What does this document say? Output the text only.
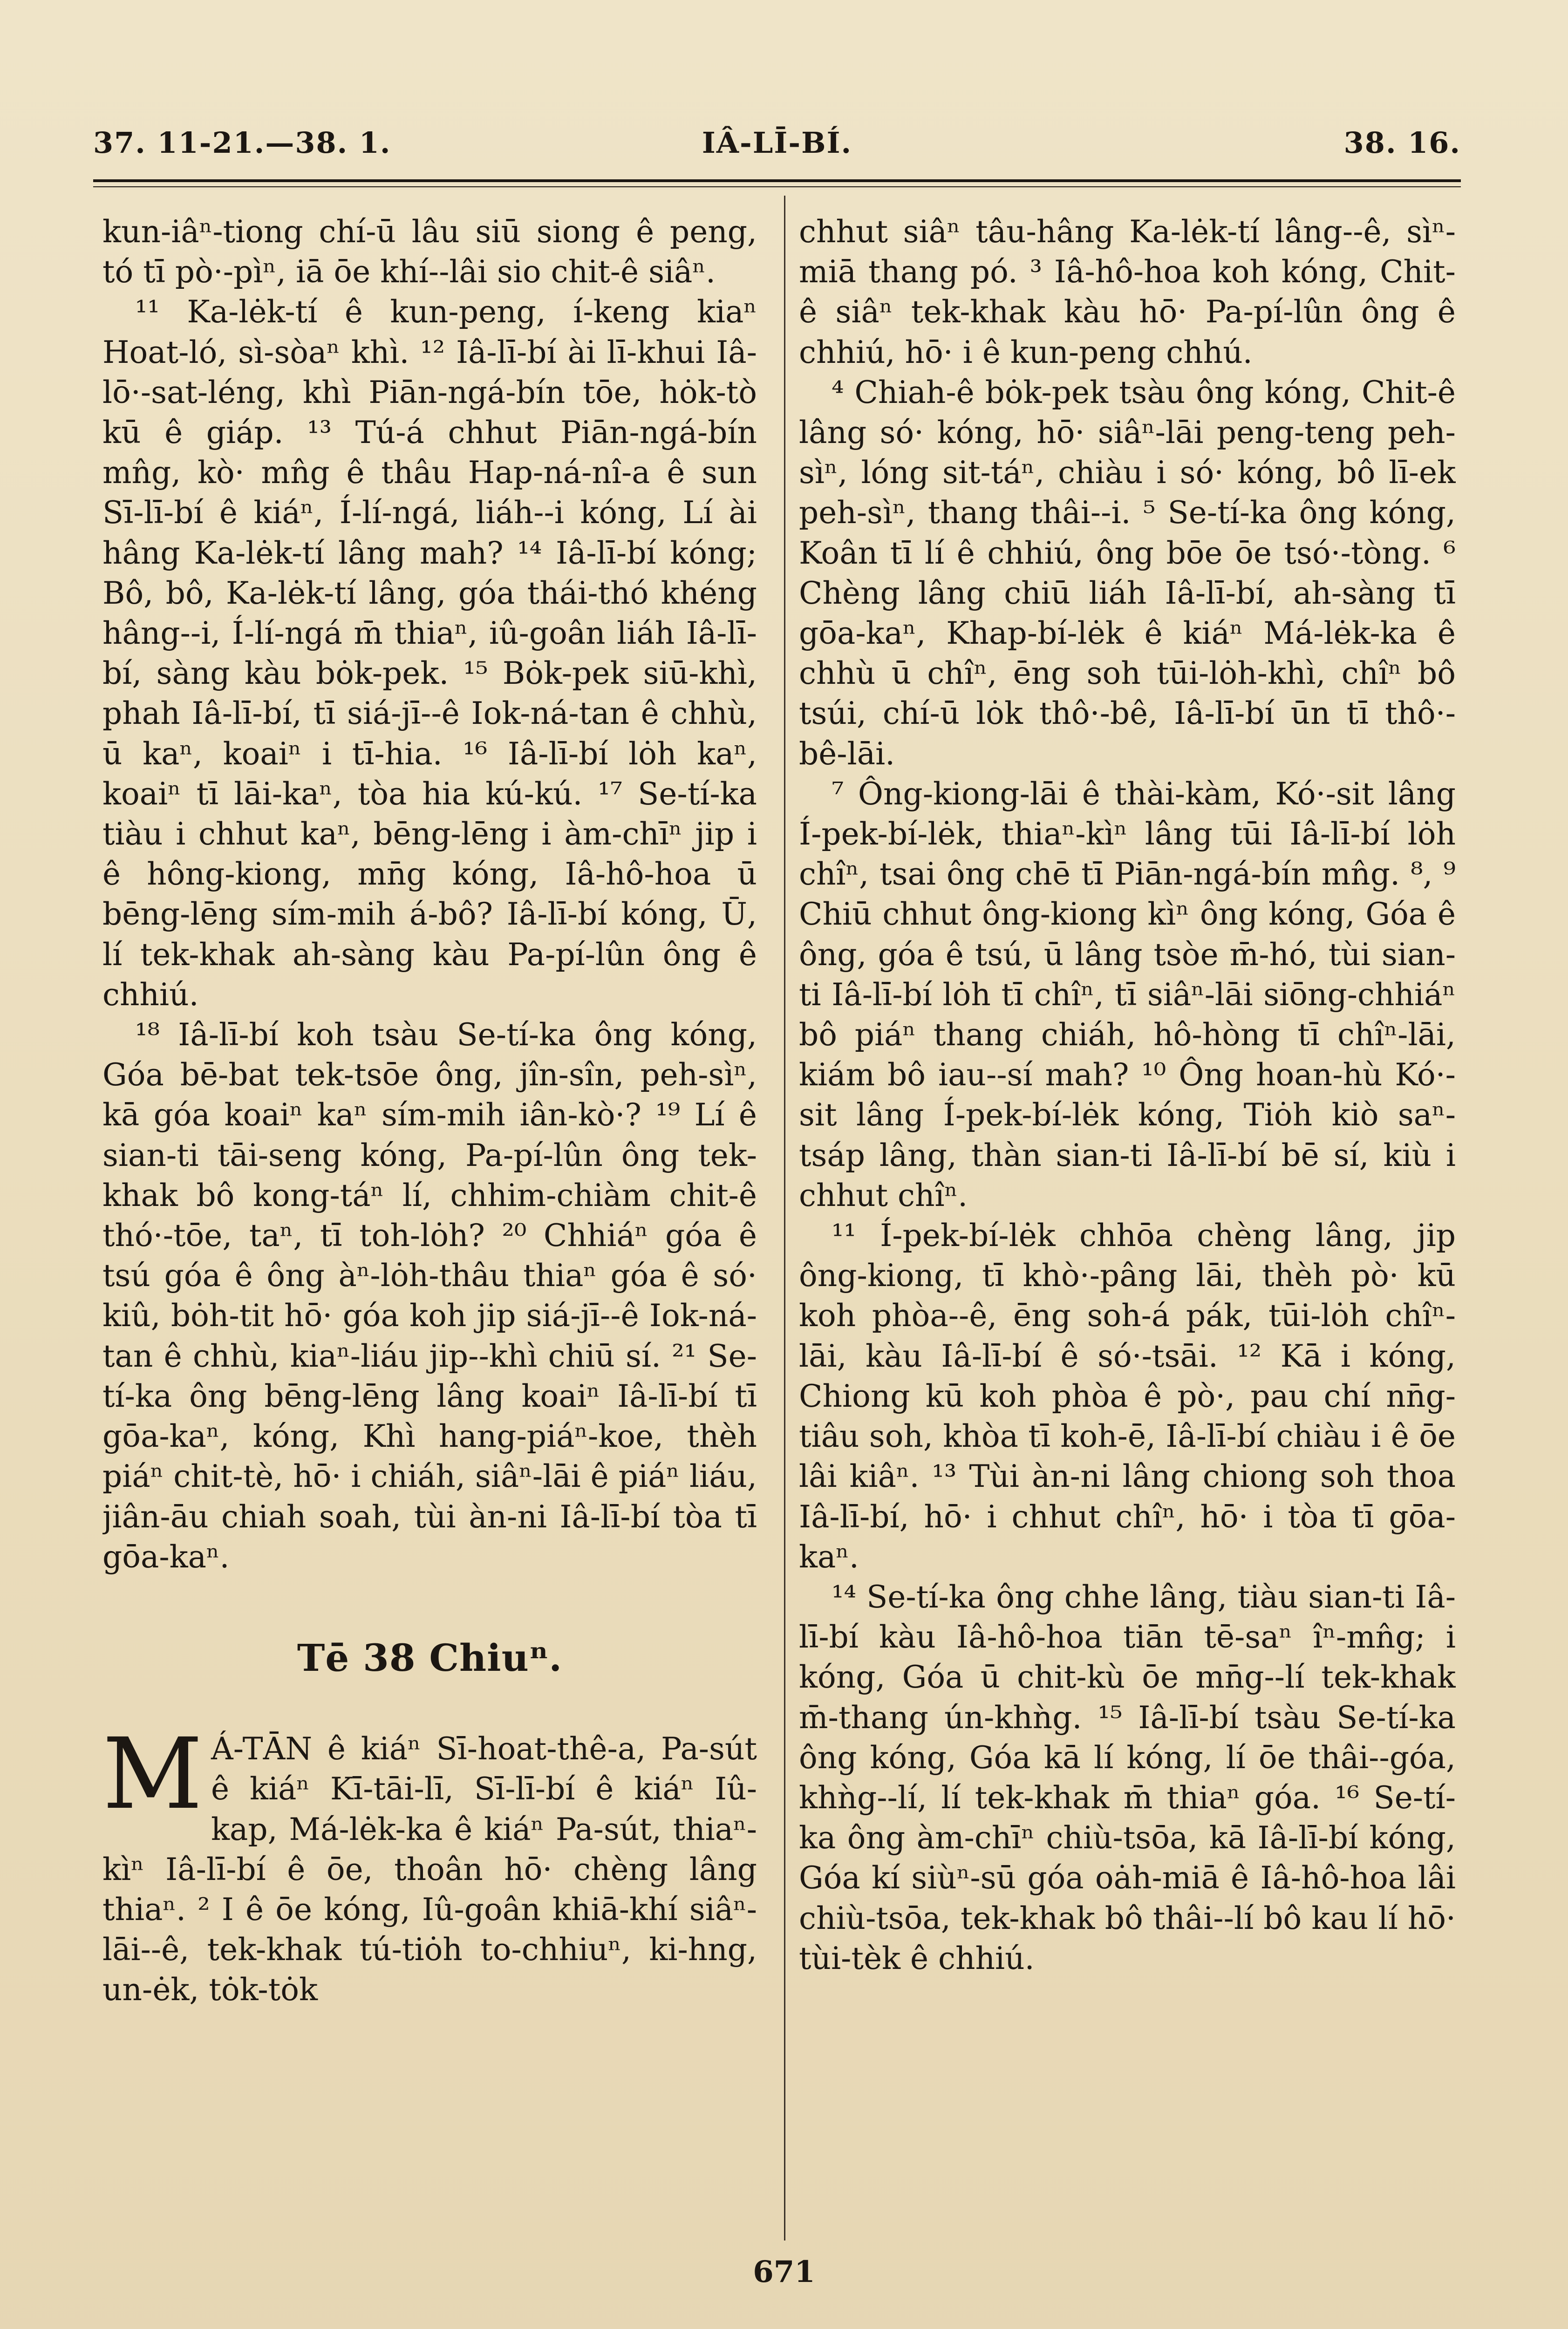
37. 11-21.—38. 1.	IÂ-LĪ-BÍ.	38. 16.

kun-iâⁿ-tiong chí-ū lâu siū siong ê peng, tó tī pò·-pìⁿ, iā ōe khí--lâi sio chit-ê siâⁿ.

¹¹ Ka-lėk-tí ê kun-peng, í-keng kiaⁿ Hoat-ló, sì-sòaⁿ khì. ¹² Iâ-lī-bí ài lī-khui Iâ-lō·-sat-léng, khì Piān-ngá-bín tōe, hȯk-tò kū ê giáp. ¹³ Tú-á chhut Piān-ngá-bín mn̂g, kò· mn̂g ê thâu Hap-ná-nî-a ê sun Sī-lī-bí ê kiáⁿ, Í-lí-ngá, liáh--i kóng, Lí ài hâng Ka-lėk-tí lâng mah? ¹⁴ Iâ-lī-bí kóng; Bô, bô, Ka-lėk-tí lâng, góa thái-thó khéng hâng--i, Í-lí-ngá m̄ thiaⁿ, iû-goân liáh Iâ-lī-bí, sàng kàu bȯk-pek. ¹⁵ Bȯk-pek siū-khì, phah Iâ-lī-bí, tī siá-jī--ê Iok-ná-tan ê chhù, ū kaⁿ, koaiⁿ i tī-hia. ¹⁶ Iâ-lī-bí lȯh kaⁿ, koaiⁿ tī lāi-kaⁿ, tòa hia kú-kú. ¹⁷ Se-tí-ka tiàu i chhut kaⁿ, bēng-lēng i àm-chīⁿ jip i ê hông-kiong, mn̄g kóng, Iâ-hô-hoa ū bēng-lēng sím-mih á-bô? Iâ-lī-bí kóng, Ū, lí tek-khak ah-sàng kàu Pa-pí-lûn ông ê chhiú.

¹⁸ Iâ-lī-bí koh tsàu Se-tí-ka ông kóng, Góa bē-bat tek-tsōe ông, jîn-sîn, peh-sìⁿ, kā góa koaiⁿ kaⁿ sím-mih iân-kò·? ¹⁹ Lí ê sian-ti tāi-seng kóng, Pa-pí-lûn ông tek-khak bô kong-táⁿ lí, chhim-chiàm chit-ê thó·-tōe, taⁿ, tī toh-lȯh? ²⁰ Chhiáⁿ góa ê tsú góa ê ông àⁿ-lȯh-thâu thiaⁿ góa ê só· kiû, bȯh-tit hō· góa koh jip siá-jī--ê Iok-ná-tan ê chhù, kiaⁿ-liáu jip--khì chiū sí. ²¹ Se-tí-ka ông bēng-lēng lâng koaiⁿ Iâ-lī-bí tī gōa-kaⁿ, kóng, Khì hang-piáⁿ-koe, thèh piáⁿ chit-tè, hō· i chiáh, siâⁿ-lāi ê piáⁿ liáu, jiân-āu chiah soah, tùi àn-ni Iâ-lī-bí tòa tī gōa-kaⁿ.

Tē 38 Chiuⁿ.

M Á-TĀN ê kiáⁿ Sī-hoat-thê-a, Pa-sút ê kiáⁿ Kī-tāi-lī, Sī-lī-bí ê kiáⁿ Iû-kap, Má-lėk-ka ê kiáⁿ Pa-sút, thiaⁿ-kìⁿ Iâ-lī-bí ê ōe, thoân hō· chèng lâng thiaⁿ. ² I ê ōe kóng, Iû-goân khiā-khí siâⁿ-lāi--ê, tek-khak tú-tiȯh to-chhiuⁿ, ki-hng, un-ėk, tȯk-tȯk

chhut siâⁿ tâu-hâng Ka-lėk-tí lâng--ê, sìⁿ-miā thang pó. ³ Iâ-hô-hoa koh kóng, Chit-ê siâⁿ tek-khak kàu hō· Pa-pí-lûn ông ê chhiú, hō· i ê kun-peng chhú.

⁴ Chiah-ê bȯk-pek tsàu ông kóng, Chit-ê lâng só· kóng, hō· siâⁿ-lāi peng-teng peh-sìⁿ, lóng sit-táⁿ, chiàu i só· kóng, bô lī-ek peh-sìⁿ, thang thâi--i. ⁵ Se-tí-ka ông kóng, Koân tī lí ê chhiú, ông bōe ōe tsó·-tòng. ⁶ Chèng lâng chiū liáh Iâ-lī-bí, ah-sàng tī gōa-kaⁿ, Khap-bí-lėk ê kiáⁿ Má-lėk-ka ê chhù ū chîⁿ, ēng soh tūi-lȯh-khì, chîⁿ bô tsúi, chí-ū lȯk thô·-bê, Iâ-lī-bí ūn tī thô·-bê-lāi.

⁷ Ông-kiong-lāi ê thài-kàm, Kó·-sit lâng Í-pek-bí-lėk, thiaⁿ-kìⁿ lâng tūi Iâ-lī-bí lȯh chîⁿ, tsai ông chē tī Piān-ngá-bín mn̂g. ⁸, ⁹ Chiū chhut ông-kiong kìⁿ ông kóng, Góa ê ông, góa ê tsú, ū lâng tsòe m̄-hó, tùi sian-ti Iâ-lī-bí lȯh tī chîⁿ, tī siâⁿ-lāi siōng-chhiáⁿ bô piáⁿ thang chiáh, hô-hòng tī chîⁿ-lāi, kiám bô iau--sí mah? ¹⁰ Ông hoan-hù Kó·-sit lâng Í-pek-bí-lėk kóng, Tiȯh kiò saⁿ-tsáp lâng, thàn sian-ti Iâ-lī-bí bē sí, kiù i chhut chîⁿ.

¹¹ Í-pek-bí-lėk chhōa chèng lâng, jip ông-kiong, tī khò·-pâng lāi, thèh pò· kū koh phòa--ê, ēng soh-á pák, tūi-lȯh chîⁿ-lāi, kàu Iâ-lī-bí ê só·-tsāi. ¹² Kā i kóng, Chiong kū koh phòa ê pò·, pau chí nn̄g-tiâu soh, khòa tī koh-ē, Iâ-lī-bí chiàu i ê ōe lâi kiâⁿ. ¹³ Tùi àn-ni lâng chiong soh thoa Iâ-lī-bí, hō· i chhut chîⁿ, hō· i tòa tī gōa-kaⁿ.

¹⁴ Se-tí-ka ông chhe lâng, tiàu sian-ti Iâ-lī-bí kàu Iâ-hô-hoa tiān tē-saⁿ îⁿ-mn̂g; i kóng, Góa ū chit-kù ōe mn̄g--lí tek-khak m̄-thang ún-khǹg. ¹⁵ Iâ-lī-bí tsàu Se-tí-ka ông kóng, Góa kā lí kóng, lí ōe thâi--góa, khǹg--lí, lí tek-khak m̄ thiaⁿ góa. ¹⁶ Se-tí-ka ông àm-chīⁿ chiù-tsōa, kā Iâ-lī-bí kóng, Góa kí siùⁿ-sū góa oȧh-miā ê Iâ-hô-hoa lâi chiù-tsōa, tek-khak bô thâi--lí bô kau lí hō· tùi-tèk ê chhiú.

671
